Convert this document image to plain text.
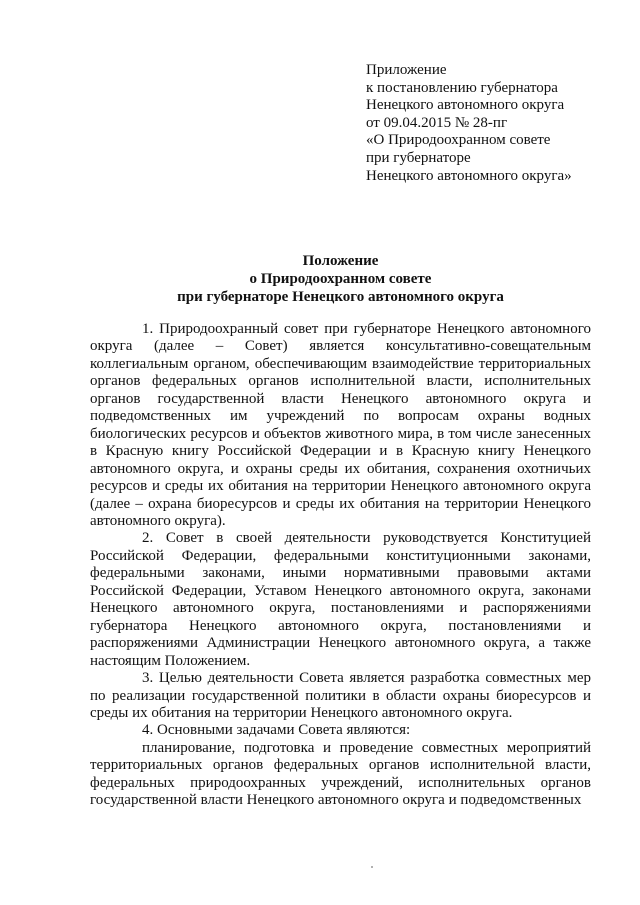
Приложение
к постановлению губернатора
Ненецкого автономного округа
от 09.04.2015 № 28-пг
«О Природоохранном совете
при губернаторе
Ненецкого автономного округа»
Положение
о Природоохранном совете
при губернаторе Ненецкого автономного округа

1. Природоохранный совет при губернаторе Ненецкого автономного округа (далее – Совет) является консультативно-совещательным коллегиальным органом, обеспечивающим взаимодействие территориальных органов федеральных органов исполнительной власти, исполнительных органов государственной власти Ненецкого автономного округа и подведомственных им учреждений по вопросам охраны водных биологических ресурсов и объектов животного мира, в том числе занесенных в Красную книгу Российской Федерации и в Красную книгу Ненецкого автономного округа, и охраны среды их обитания, сохранения охотничьих ресурсов и среды их обитания на территории Ненецкого автономного округа (далее – охрана биоресурсов и среды их обитания на территории Ненецкого автономного округа).

2. Совет в своей деятельности руководствуется Конституцией Российской Федерации, федеральными конституционными законами, федеральными законами, иными нормативными правовыми актами Российской Федерации, Уставом Ненецкого автономного округа, законами Ненецкого автономного округа, постановлениями и распоряжениями губернатора Ненецкого автономного округа, постановлениями и распоряжениями Администрации Ненецкого автономного округа, а также настоящим Положением.

3. Целью деятельности Совета является разработка совместных мер по реализации государственной политики в области охраны биоресурсов и среды их обитания на территории Ненецкого автономного округа.

4. Основными задачами Совета являются:

планирование, подготовка и проведение совместных мероприятий территориальных органов федеральных органов исполнительной власти, федеральных природоохранных учреждений, исполнительных органов государственной власти Ненецкого автономного округа и подведомственных
